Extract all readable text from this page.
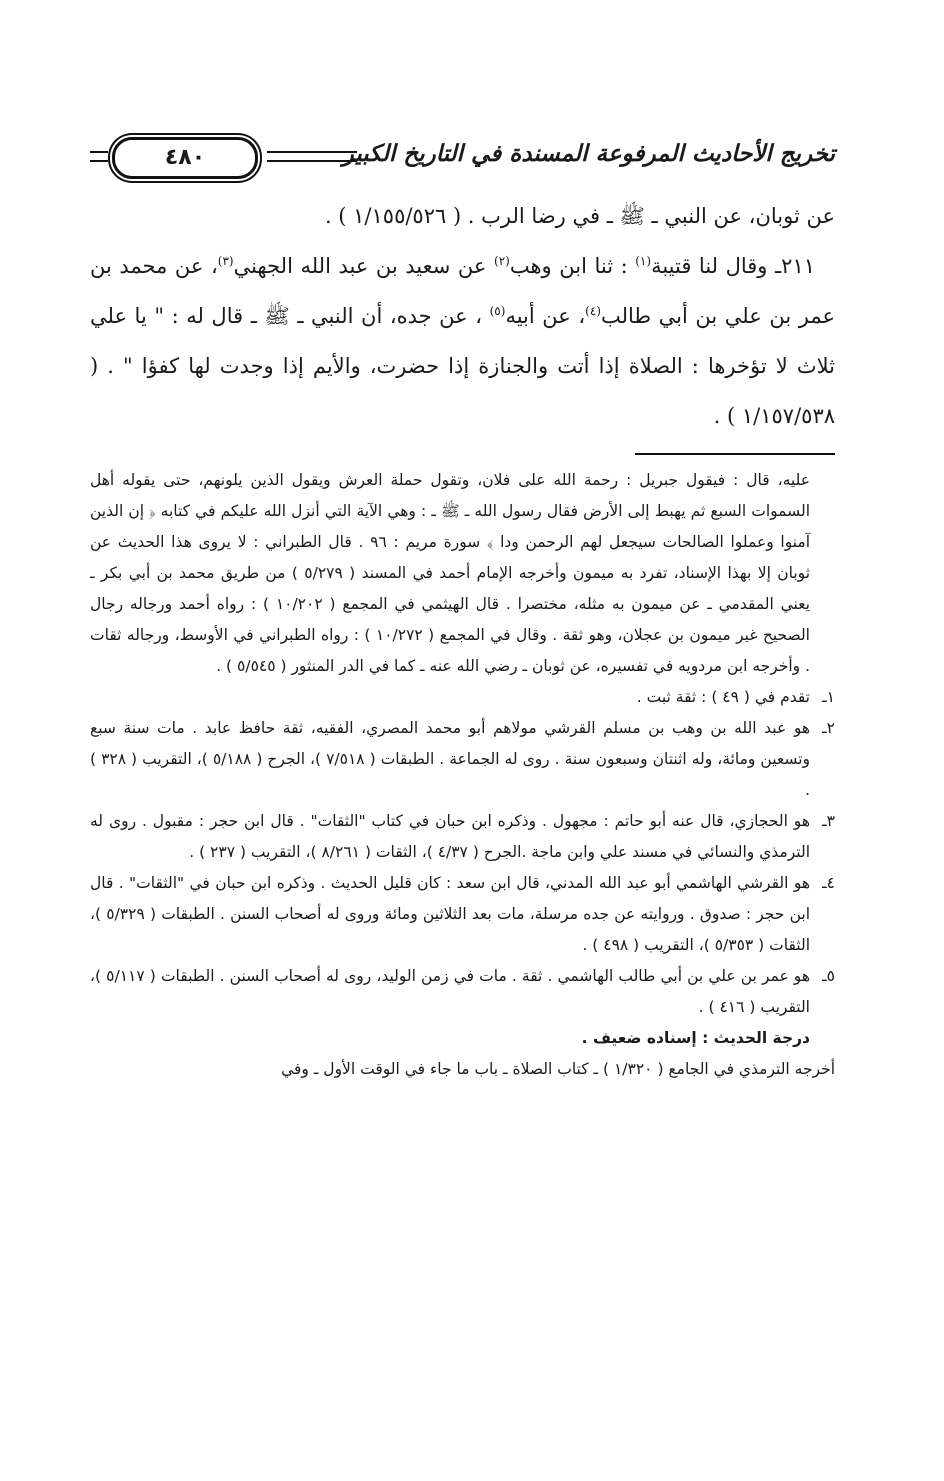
تخريج الأحاديث المرفوعة المسندة في التاريخ الكبير
٤٨٠

عن ثوبان، عن النبي ـ ﷺ ـ في رضا الرب . ( ١/١٥٥/٥٢٦ ) .

٢١١ـ وقال لنا قتيبة$^{(١)}$ : ثنا ابن وهب$^{(٢)}$ عن سعيد بن عبد الله الجهني$^{(٣)}$، عن محمد بن عمر بن علي بن أبي طالب$^{(٤)}$، عن أبيه$^{(٥)}$ ، عن جده، أن النبي ـ ﷺ ـ قال له : " يا علي ثلاث لا تؤخرها : الصلاة إذا أتت والجنازة إذا حضرت، والأيم إذا وجدت لها كفؤا " . ( ١/١٥٧/٥٣٨ ) .

عليه، قال : فيقول جبريل : رحمة الله على فلان، وتقول حملة العرش ويقول الذين يلونهم، حتى يقوله أهل السموات السبع ثم يهبط إلى الأرض فقال رسول الله ـ ﷺ ـ : وهي الآية التي أنزل الله عليكم في كتابه ﴿ إن الذين آمنوا وعملوا الصالحات سيجعل لهم الرحمن ودا ﴾ سورة مريم : ٩٦ . قال الطبراني : لا يروى هذا الحديث عن ثوبان إلا بهذا الإسناد، تفرد به ميمون وأخرجه الإمام أحمد في المسند ( ٥/٢٧٩ ) من طريق محمد بن أبي بكر ـ يعني المقدمي ـ عن ميمون به مثله، مختصرا . قال الهيثمي في المجمع ( ١٠/٢٠٢ ) : رواه أحمد ورجاله رجال الصحيح غير ميمون بن عجلان، وهو ثقة . وقال في المجمع ( ١٠/٢٧٢ ) : رواه الطبراني في الأوسط، ورجاله ثقات . وأخرجه ابن مردويه في تفسيره، عن ثوبان ـ رضي الله عنه ـ كما في الدر المنثور ( ٥/٥٤٥ ) .

١ـ
تقدم في ( ٤٩ ) : ثقة ثبت .
٢ـ
هو عبد الله بن وهب بن مسلم القرشي مولاهم أبو محمد المصري، الفقيه، ثقة حافظ عابد . مات سنة سبع وتسعين ومائة، وله اثنتان وسبعون سنة . روى له الجماعة . الطبقات ( ٧/٥١٨ )، الجرح ( ٥/١٨٨ )، التقريب ( ٣٢٨ ) .
٣ـ
هو الحجازي، قال عنه أبو حاتم : مجهول . وذكره ابن حبان في كتاب "الثقات" . قال ابن حجر : مقبول . روى له الترمذي والنسائي في مسند علي وابن ماجة .الجرح ( ٤/٣٧ )، الثقات ( ٨/٢٦١ )، التقريب ( ٢٣٧ ) .
٤ـ
هو القرشي الهاشمي أبو عبد الله المدني، قال ابن سعد : كان قليل الحديث . وذكره ابن حبان في "الثقات" . قال ابن حجر : صدوق . وروايته عن جده مرسلة، مات بعد الثلاثين ومائة وروى له أصحاب السنن . الطبقات ( ٥/٣٢٩ )، الثقات ( ٥/٣٥٣ )، التقريب ( ٤٩٨ ) .
٥ـ
هو عمر بن علي بن أبي طالب الهاشمي . ثقة . مات في زمن الوليد، روى له أصحاب السنن . الطبقات ( ٥/١١٧ )، التقريب ( ٤١٦ ) .

درجة الحديث : إسناده ضعيف .

أخرجه الترمذي في الجامع ( ١/٣٢٠ ) ـ كتاب الصلاة ـ باب ما جاء في الوقت الأول ـ وفي
